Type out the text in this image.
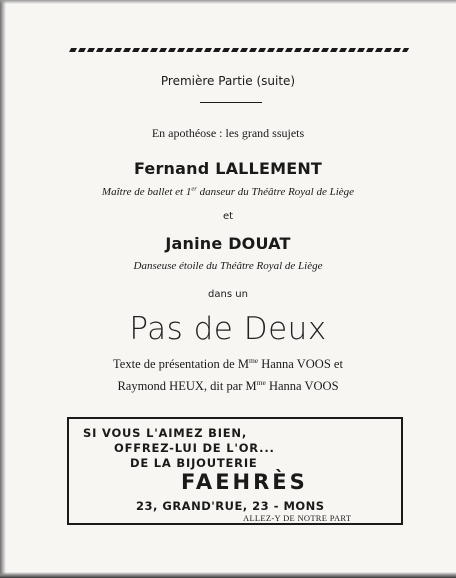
Première Partie (suite)
En apothéose : les grand ssujets
Fernand LALLEMENT
Maître de ballet et 1er danseur du Théâtre Royal de Liège
et
Janine DOUAT
Danseuse étoile du Théâtre Royal de Liège
dans un
Pas de Deux
Texte de présentation de $M^{me}$ Hanna VOOS et
Raymond HEUX, dit par $M^{me}$ Hanna VOOS
SI VOUS L'AIMEZ BIEN,
OFFREZ-LUI DE L'OR...
DE LA BIJOUTERIE
FAEHRÈS
23, GRAND'RUE, 23 - MONS
ALLEZ-Y DE NOTRE PART
